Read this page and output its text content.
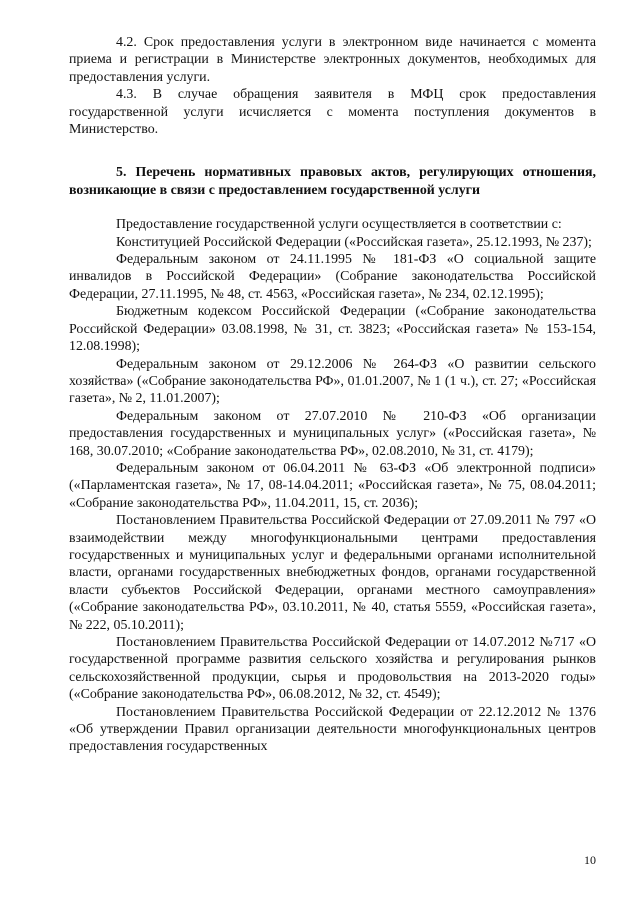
4.2. Срок предоставления услуги в электронном виде начинается с момента приема и регистрации в Министерстве электронных документов, необходимых для предоставления услуги.

4.3. В случае обращения заявителя в МФЦ срок предоставления государственной услуги исчисляется с момента поступления документов в Министерство.

5. Перечень нормативных правовых актов, регулирующих отношения, возникающие в связи с предоставлением государственной услуги

Предоставление государственной услуги осуществляется в соответствии с:

Конституцией Российской Федерации («Российская газета», 25.12.1993, № 237);

Федеральным законом от 24.11.1995 № 181-ФЗ «О социальной защите инвалидов в Российской Федерации» (Собрание законодательства Российской Федерации, 27.11.1995, № 48, ст. 4563, «Российская газета», № 234, 02.12.1995);

Бюджетным кодексом Российской Федерации («Собрание законодательства Российской Федерации» 03.08.1998, № 31, ст. 3823; «Российская газета» № 153-154, 12.08.1998);

Федеральным законом от 29.12.2006 № 264-ФЗ «О развитии сельского хозяйства» («Собрание законодательства РФ», 01.01.2007, № 1 (1 ч.), ст. 27; «Российская газета», № 2, 11.01.2007);

Федеральным законом от 27.07.2010 № 210-ФЗ «Об организации предоставления государственных и муниципальных услуг» («Российская газета», № 168, 30.07.2010; «Собрание законодательства РФ», 02.08.2010, № 31, ст. 4179);

Федеральным законом от 06.04.2011 № 63-ФЗ «Об электронной подписи» («Парламентская газета», № 17, 08-14.04.2011; «Российская газета», № 75, 08.04.2011; «Собрание законодательства РФ», 11.04.2011, 15, ст. 2036);

Постановлением Правительства Российской Федерации от 27.09.2011 № 797 «О взаимодействии между многофункциональными центрами предоставления государственных и муниципальных услуг и федеральными органами исполнительной власти, органами государственных внебюджетных фондов, органами государственной власти субъектов Российской Федерации, органами местного самоуправления» («Собрание законодательства РФ», 03.10.2011, № 40, статья 5559, «Российская газета», № 222, 05.10.2011);

Постановлением Правительства Российской Федерации от 14.07.2012 №717 «О государственной программе развития сельского хозяйства и регулирования рынков сельскохозяйственной продукции, сырья и продовольствия на 2013-2020 годы» («Собрание законодательства РФ», 06.08.2012, № 32, ст. 4549);

Постановлением Правительства Российской Федерации от 22.12.2012 № 1376 «Об утверждении Правил организации деятельности многофункциональных центров предоставления государственных

10
